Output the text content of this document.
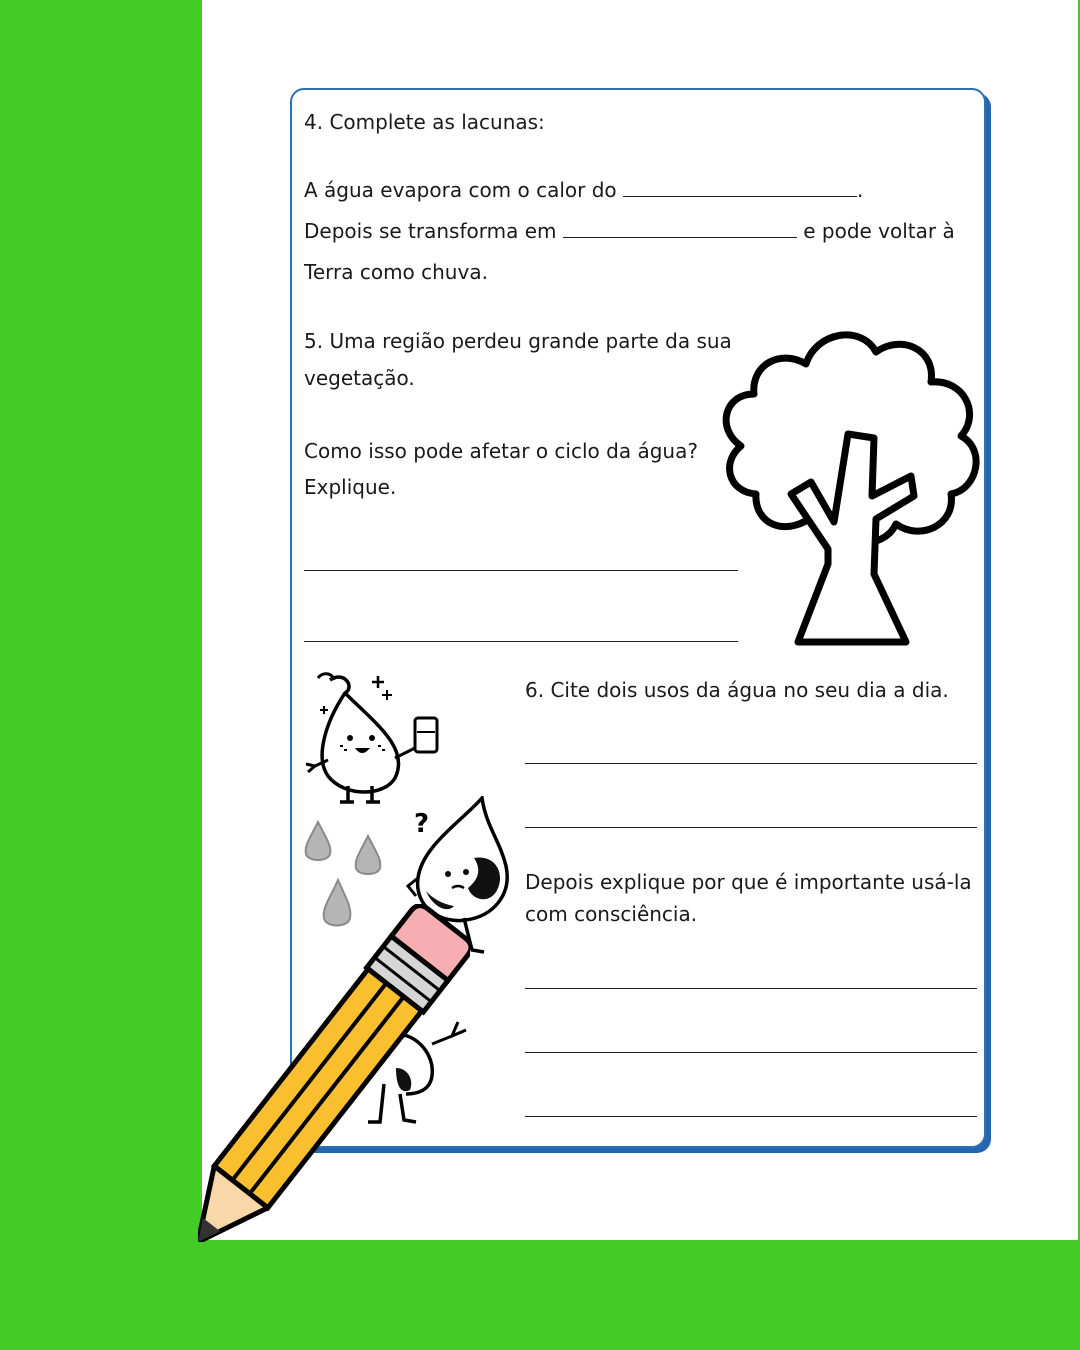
4. Complete as lacunas:
A água evapora com o calor do	.
Depois se transforma em	e pode voltar à
Terra como chuva.
5. Uma região perdeu grande parte da sua
vegetação.
Como isso pode afetar o ciclo da água?
Explique.
6. Cite dois usos da água no seu dia a dia.
Depois explique por que é importante usá-la
com consciência.
?
